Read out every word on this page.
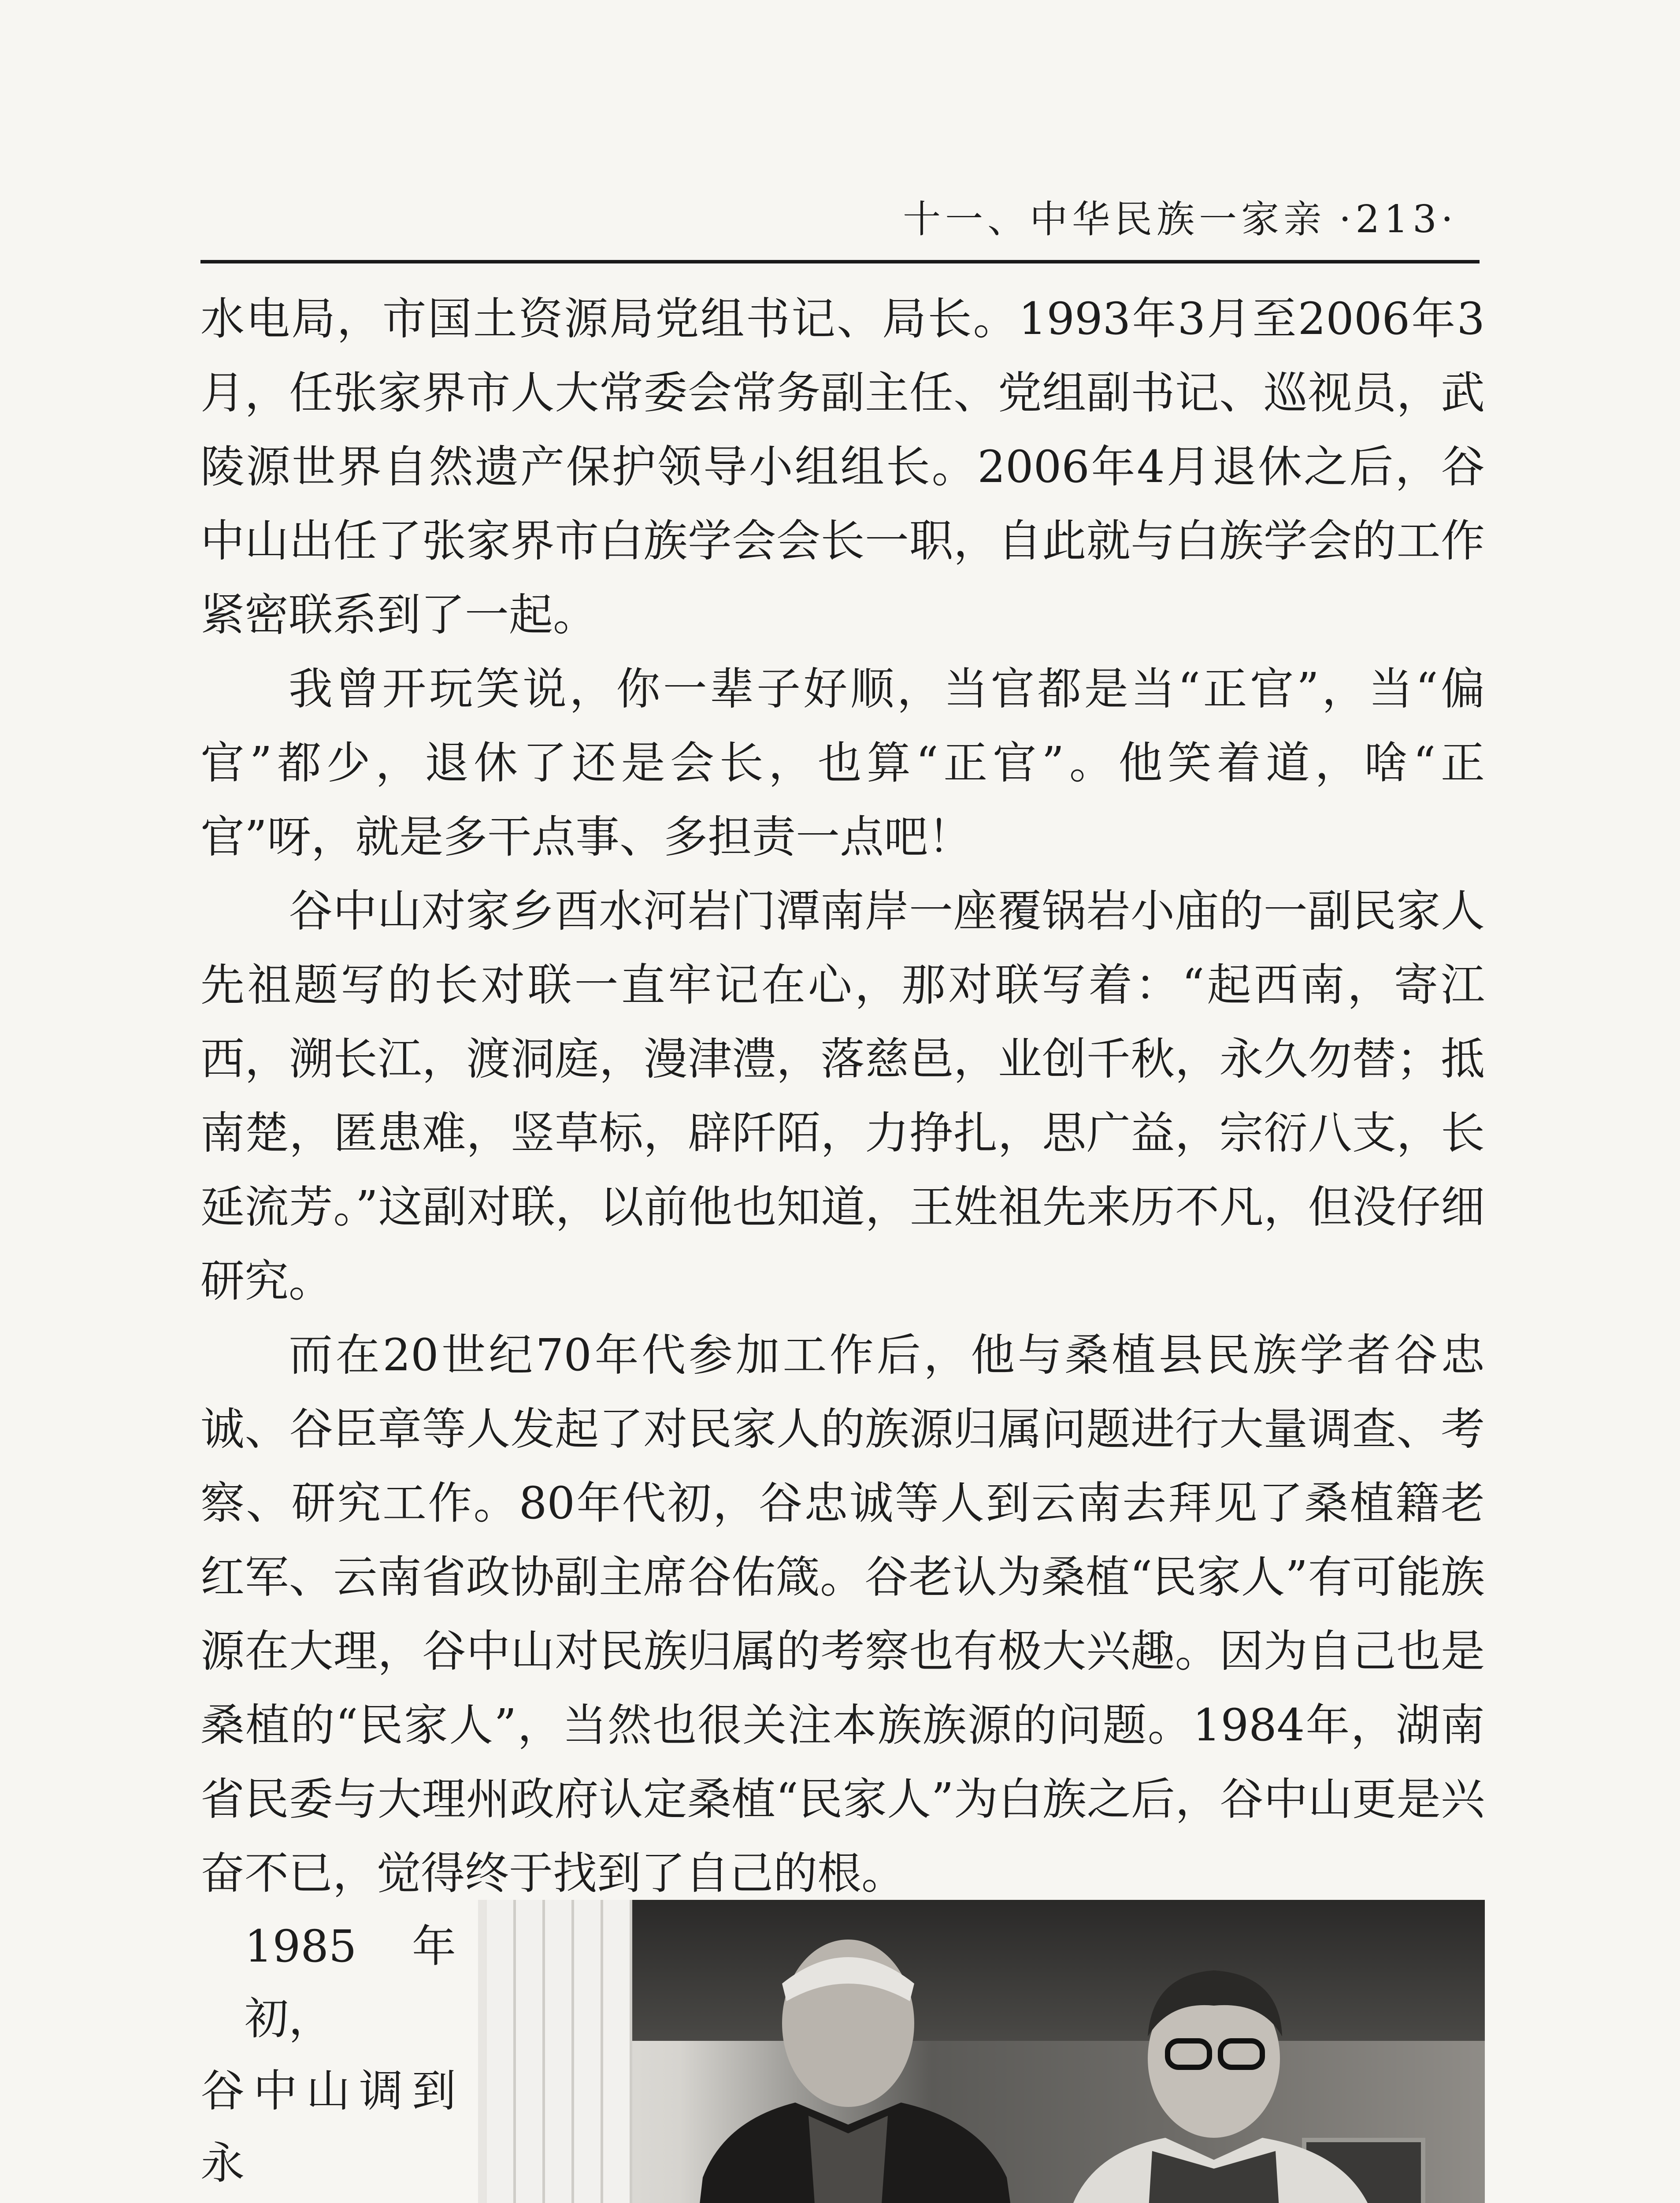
十一、中华民族一家亲 ·213·

水电局，市国土资源局党组书记、局长。1993年3月至2006年3月，任张家界市人大常委会常务副主任、党组副书记、巡视员，武陵源世界自然遗产保护领导小组组长。2006年4月退休之后，谷中山出任了张家界市白族学会会长一职，自此就与白族学会的工作紧密联系到了一起。

我曾开玩笑说，你一辈子好顺，当官都是当“正官”，当“偏官”都少，退休了还是会长，也算“正官”。他笑着道，啥“正官”呀，就是多干点事、多担责一点吧！

谷中山对家乡酉水河岩门潭南岸一座覆锅岩小庙的一副民家人先祖题写的长对联一直牢记在心，那对联写着：“起西南，寄江西，溯长江，渡洞庭，漫津澧，落慈邑，业创千秋，永久勿替；抵南楚，匿患难，竖草标，辟阡陌，力挣扎，思广益，宗衍八支，长延流芳。”这副对联，以前他也知道，王姓祖先来历不凡，但没仔细研究。

而在20世纪70年代参加工作后，他与桑植县民族学者谷忠诚、谷臣章等人发起了对民家人的族源归属问题进行大量调查、考察、研究工作。80年代初，谷忠诚等人到云南去拜见了桑植籍老红军、云南省政协副主席谷佑箴。谷老认为桑植“民家人”有可能族源在大理，谷中山对民族归属的考察也有极大兴趣。因为自己也是桑植的“民家人”，当然也很关注本族族源的问题。1984年，湖南省民委与大理州政府认定桑植“民家人”为白族之后，谷中山更是兴奋不已，觉得终于找到了自己的根。

1985年初，
谷中山调到永
